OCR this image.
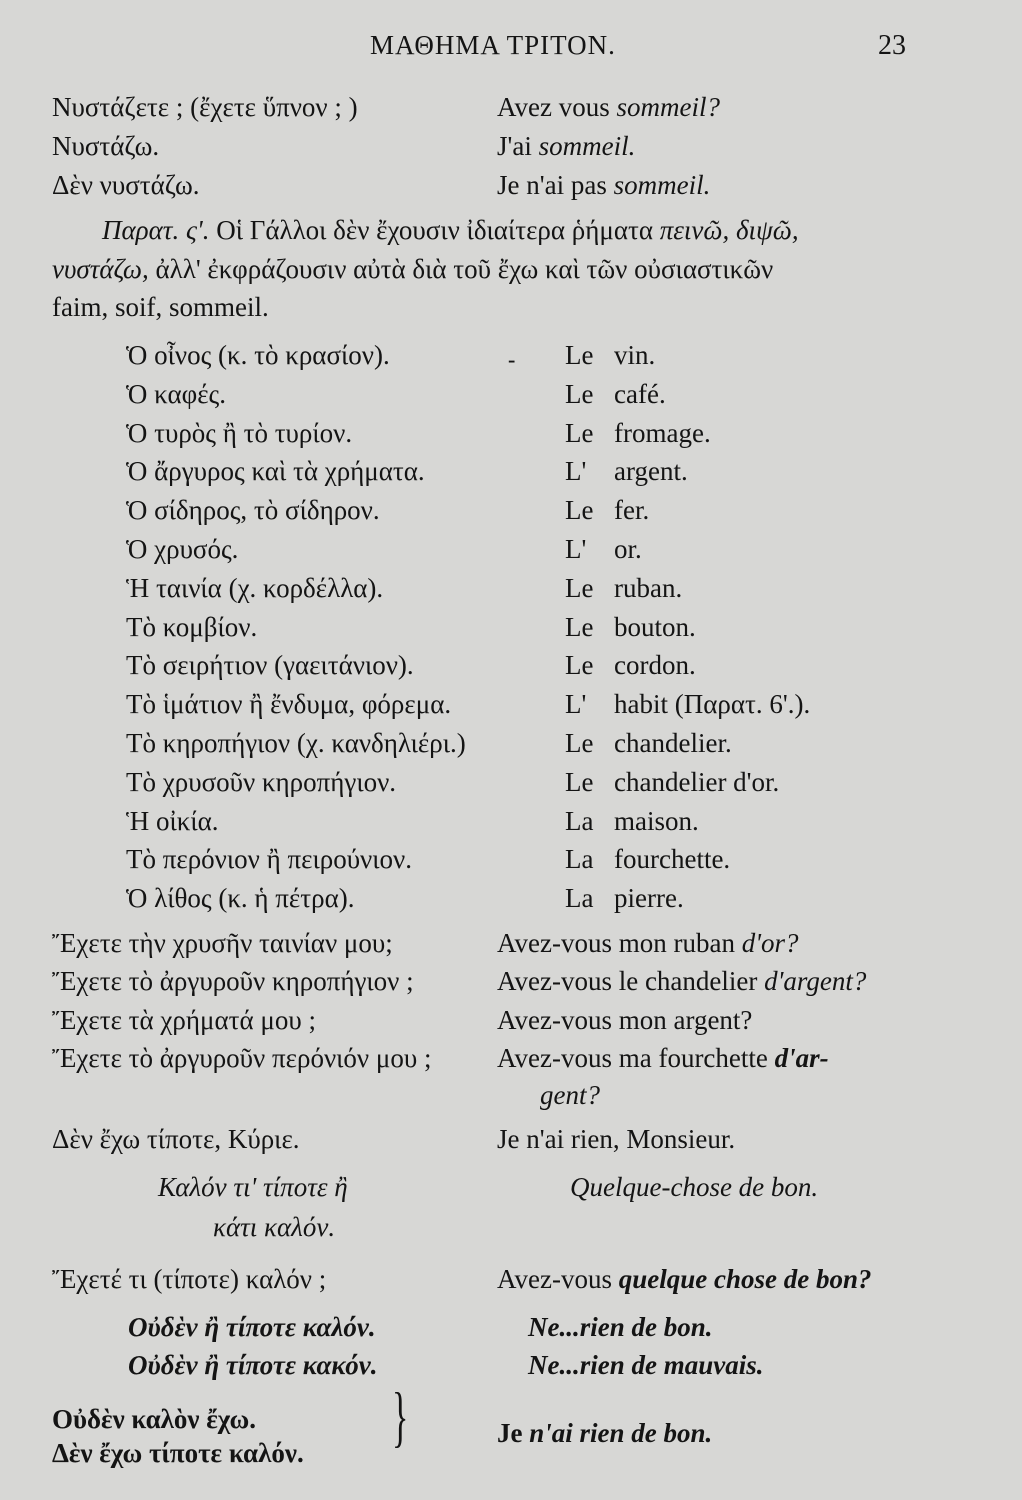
ΜΑΘΗΜΑ ΤΡΙΤΟΝ.	23
Νυστάζετε ; (ἔχετε ὕπνον ; )	Avez vous sommeil?
Νυστάζω.	J'ai sommeil.
Δὲν νυστάζω.	Je n'ai pas sommeil.
Παρατ. ς'. Οἱ Γάλλοι δὲν ἔχουσιν ἰδιαίτερα ῥήματα πεινῶ, διψῶ,
νυστάζω, ἀλλ' ἐκφράζουσιν αὐτὰ διὰ τοῦ ἔχω καὶ τῶν οὐσιαστικῶν
faim, soif, sommeil.
Ὁ οἶνος (κ. τὸ κρασίον).	Le vin.
Ὁ καφές.	Le café.
Ὁ τυρὸς ἢ τὸ τυρίον.	Le fromage.
Ὁ ἄργυρος καὶ τὰ χρήματα.	L' argent.
Ὁ σίδηρος, τὸ σίδηρον.	Le fer.
Ὁ χρυσός.	L' or.
Ἡ ταινία (χ. κορδέλλα).	Le ruban.
Τὸ κομβίον.	Le bouton.
Τὸ σειρήτιον (γαειτάνιον).	Le cordon.
Τὸ ἱμάτιον ἢ ἔνδυμα, φόρεμα.	L' habit (Παρατ. 6'.).
Τὸ κηροπήγιον (χ. κανδηλιέρι.)	Le chandelier.
Τὸ χρυσοῦν κηροπήγιον.	Le chandelier d'or.
Ἡ οἰκία.	La maison.
Τὸ περόνιον ἢ πειρούνιον.	La fourchette.
Ὁ λίθος (κ. ἡ πέτρα).	La pierre.
-
Ἔχετε τὴν χρυσῆν ταινίαν μου;	Avez-vous mon ruban d'or?
Ἔχετε τὸ ἀργυροῦν κηροπήγιον ;	Avez-vous le chandelier d'argent?
Ἔχετε τὰ χρήματά μου ;	Avez-vous mon argent?
Ἔχετε τὸ ἀργυροῦν περόνιόν μου ; Avez-vous ma fourchette d'ar-
gent?
Δὲν ἔχω τίποτε, Κύριε.	Je n'ai rien, Monsieur.
Καλόν τι' τίποτε ἢ
κάτι καλόν.
Quelque-chose de bon.
Ἔχετέ τι (τίποτε) καλόν ;	Avez-vous quelque chose de bon?
Οὐδὲν ἢ τίποτε καλόν.	Ne...rien de bon.
Οὐδὲν ἢ τίποτε κακόν.	Ne...rien de mauvais.
Οὐδὲν καλὸν ἔχω.
Δὲν ἔχω τίποτε καλόν.	}	Je n'ai rien de bon.
